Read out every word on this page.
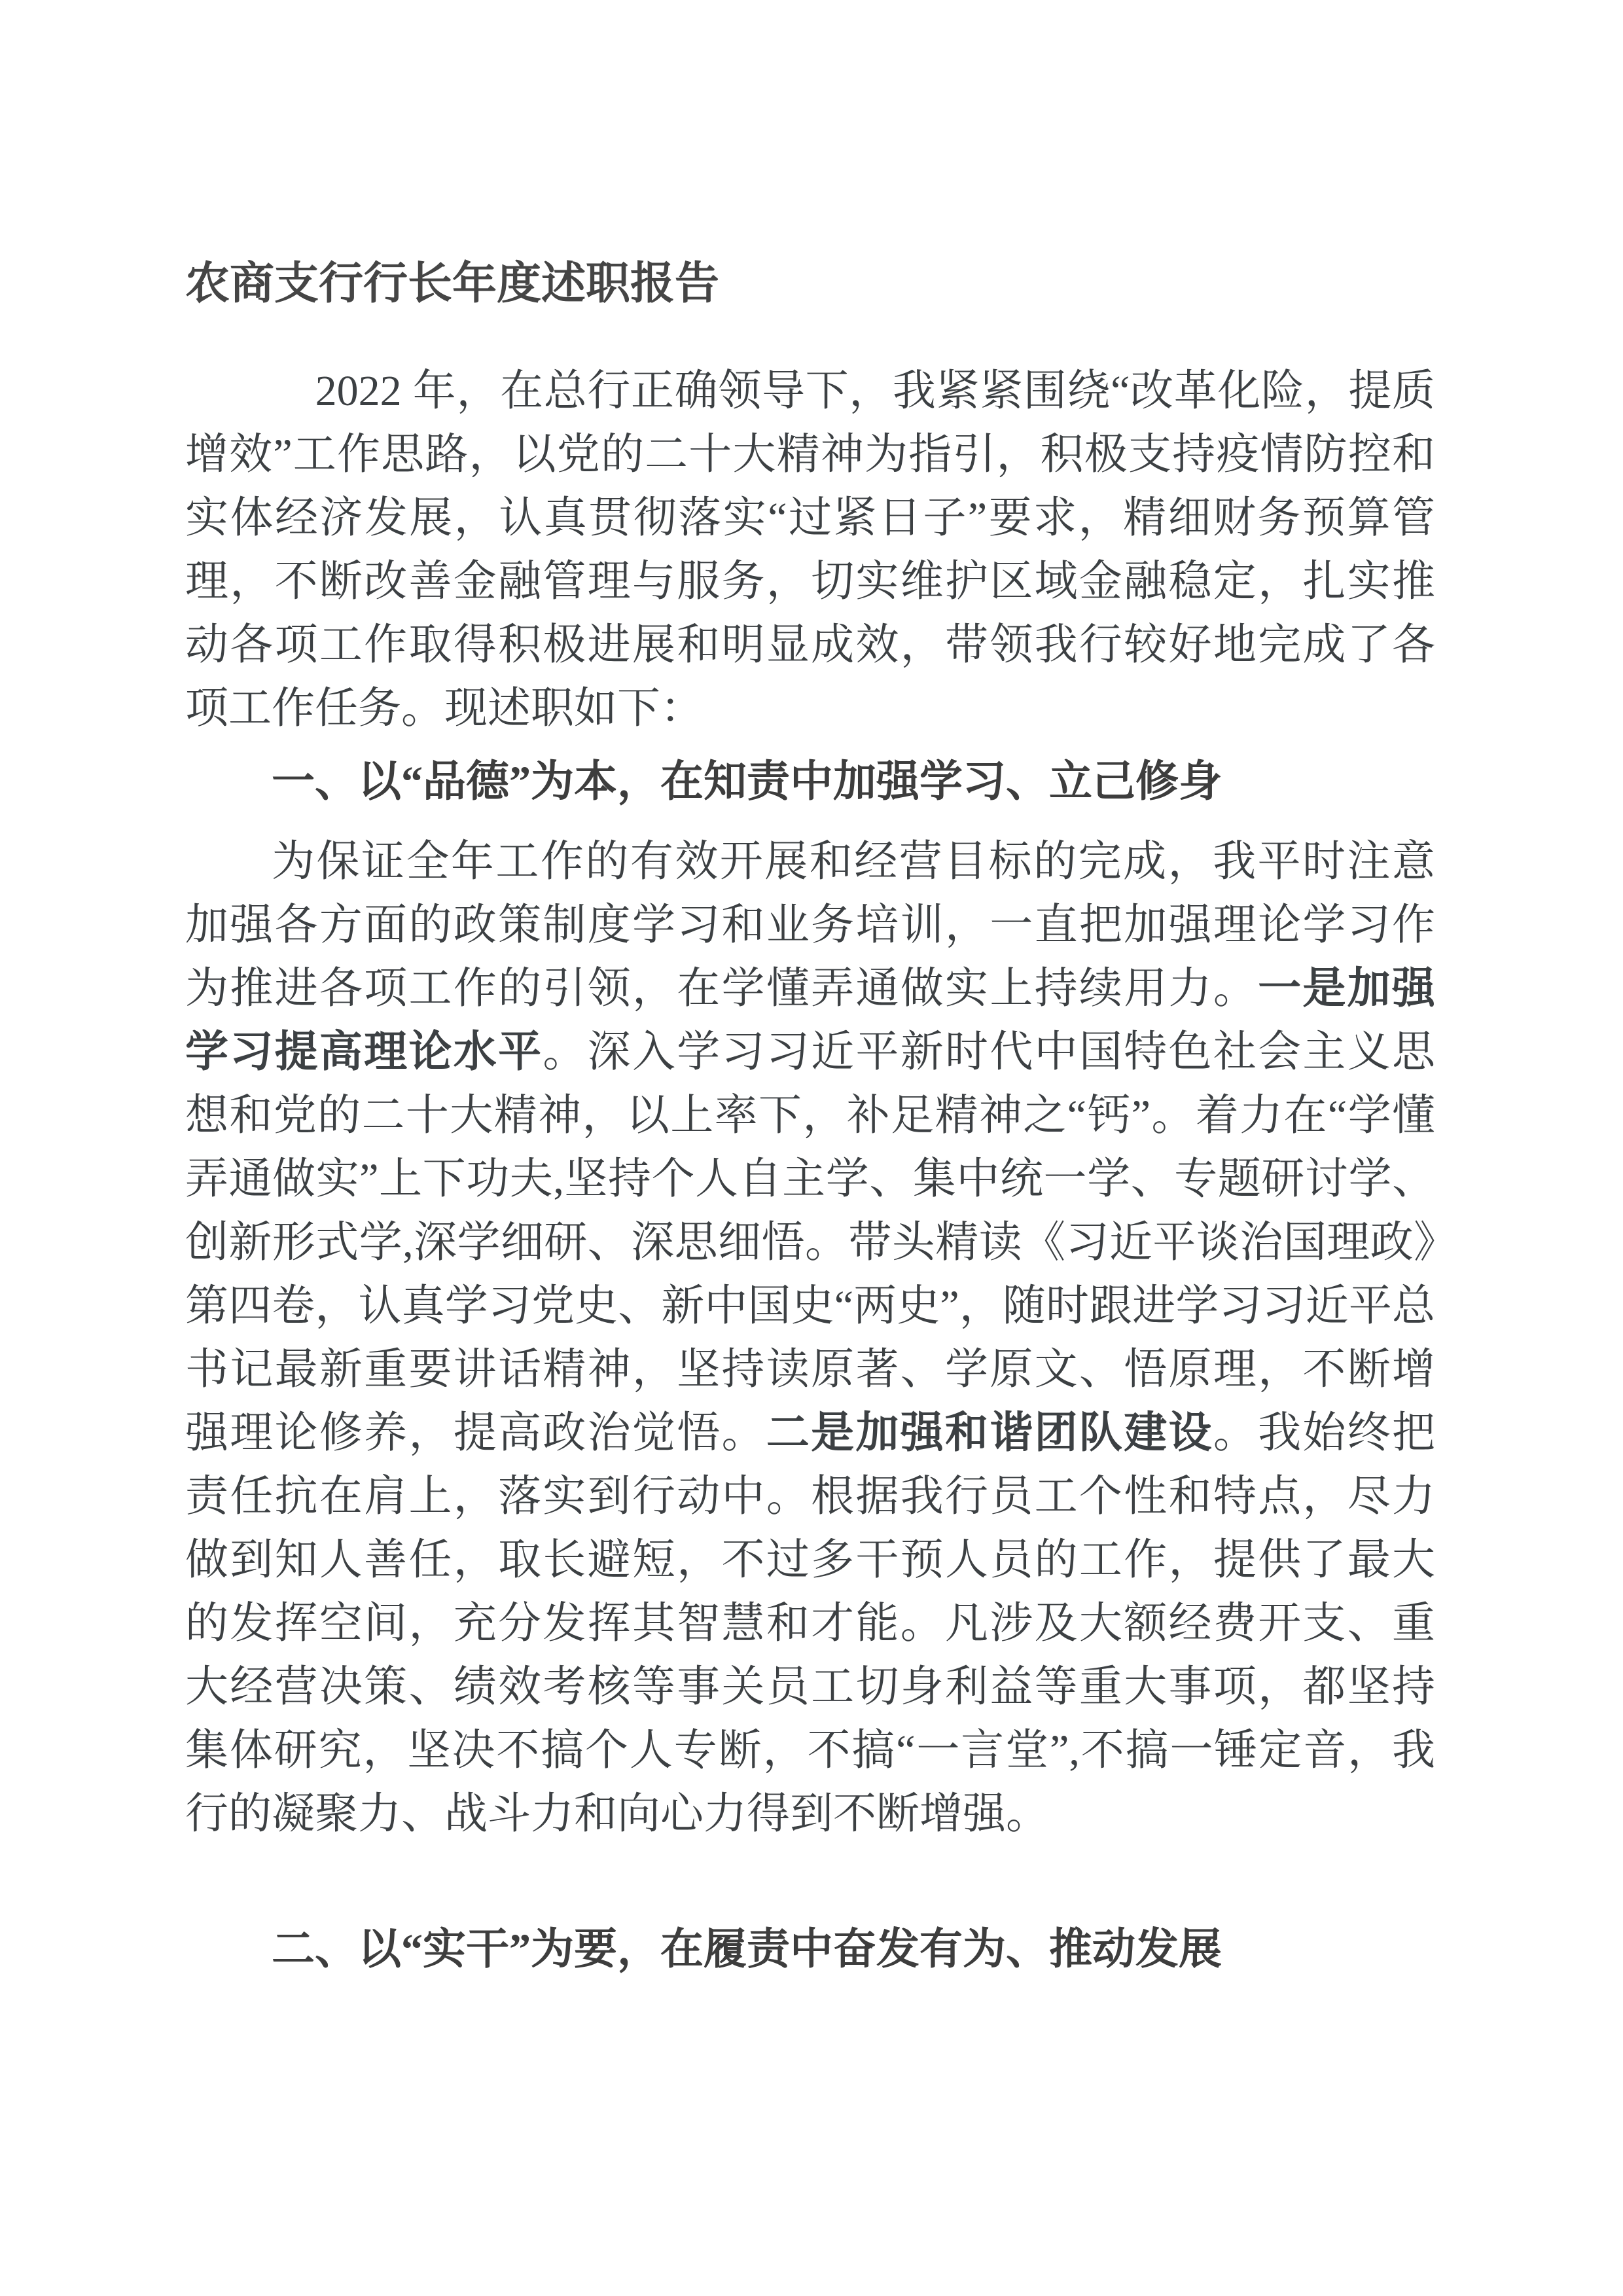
农商支行行长年度述职报告

　2022 年，在总行正确领导下，我紧紧围绕“改革化险，提质增效”工作思路，以党的二十大精神为指引，积极支持疫情防控和实体经济发展，认真贯彻落实“过紧日子”要求，精细财务预算管理，不断改善金融管理与服务，切实维护区域金融稳定，扎实推动各项工作取得积极进展和明显成效，带领我行较好地完成了各项工作任务。现述职如下：

一、以“品德”为本，在知责中加强学习、立己修身

为保证全年工作的有效开展和经营目标的完成，我平时注意加强各方面的政策制度学习和业务培训，一直把加强理论学习作为推进各项工作的引领，在学懂弄通做实上持续用力。一是加强学习提高理论水平。深入学习习近平新时代中国特色社会主义思想和党的二十大精神，以上率下，补足精神之“钙”。着力在“学懂弄通做实”上下功夫,坚持个人自主学、集中统一学、专题研讨学、创新形式学,深学细研、深思细悟。带头精读《习近平谈治国理政》第四卷，认真学习党史、新中国史“两史”，随时跟进学习习近平总书记最新重要讲话精神，坚持读原著、学原文、悟原理，不断增强理论修养，提高政治觉悟。二是加强和谐团队建设。我始终把责任抗在肩上，落实到行动中。根据我行员工个性和特点，尽力做到知人善任，取长避短，不过多干预人员的工作，提供了最大的发挥空间，充分发挥其智慧和才能。凡涉及大额经费开支、重大经营决策、绩效考核等事关员工切身利益等重大事项，都坚持集体研究，坚决不搞个人专断，不搞“一言堂”,不搞一锤定音，我行的凝聚力、战斗力和向心力得到不断增强。

二、以“实干”为要，在履责中奋发有为、推动发展
